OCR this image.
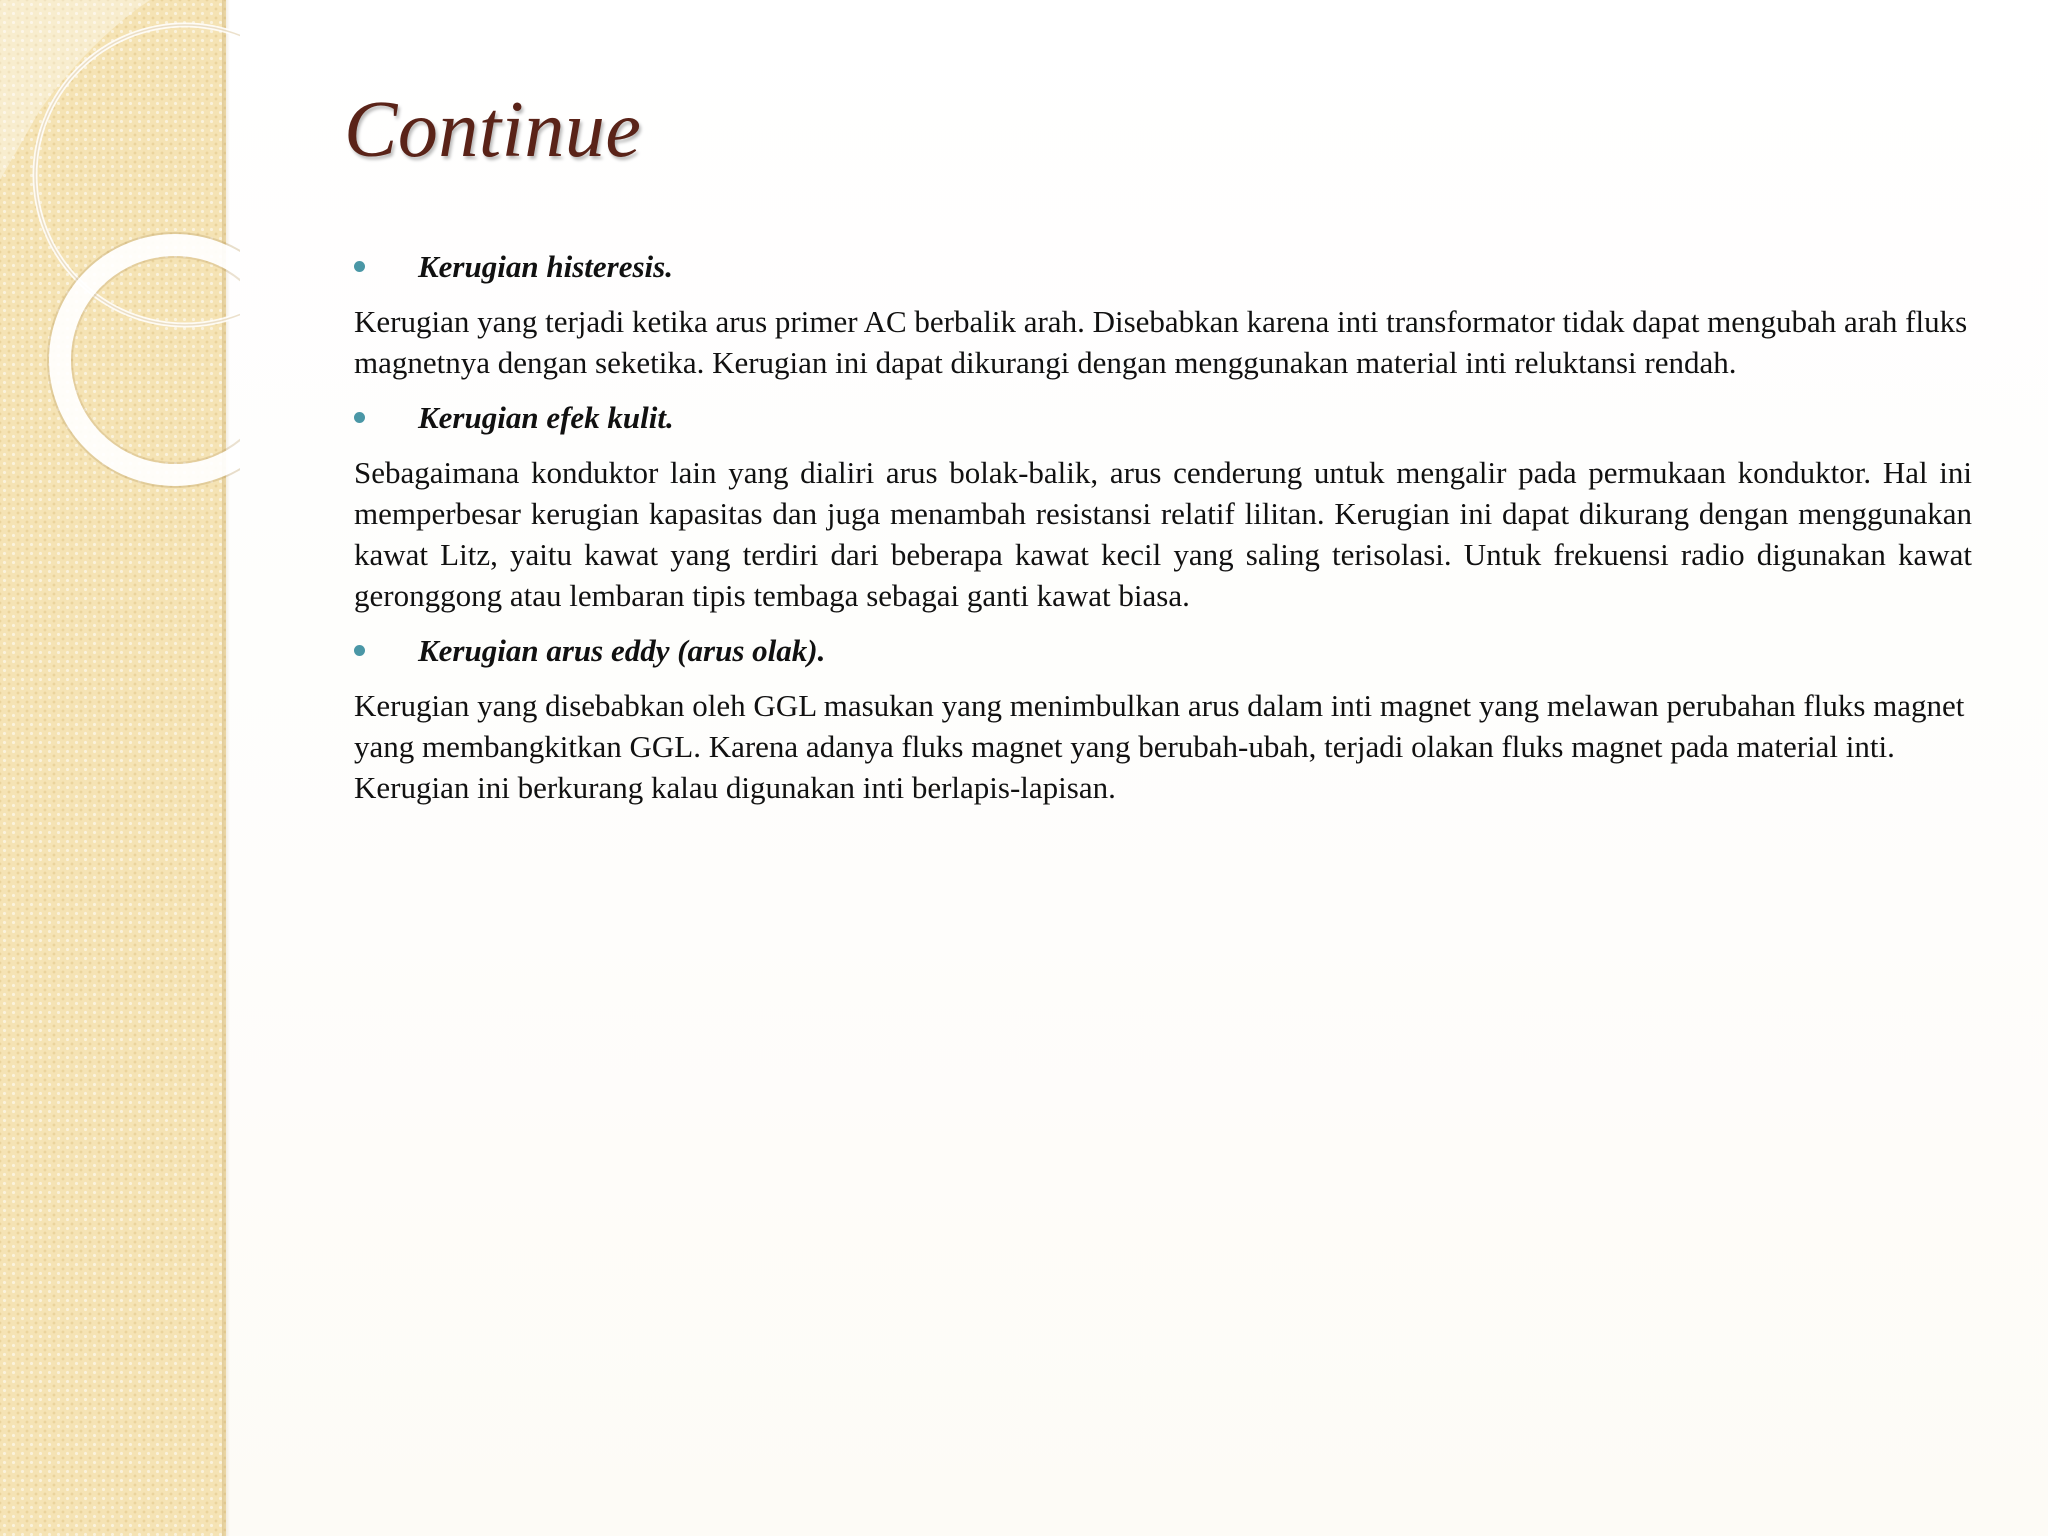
Continue
Kerugian histeresis.

Kerugian yang terjadi ketika arus primer AC berbalik arah. Disebabkan karena inti transformator tidak dapat mengubah arah fluks magnetnya dengan seketika. Kerugian ini dapat dikurangi dengan menggunakan material inti reluktansi rendah.

Kerugian efek kulit.

Sebagaimana konduktor lain yang dialiri arus bolak-balik, arus cenderung untuk mengalir pada permukaan konduktor. Hal ini memperbesar kerugian kapasitas dan juga menambah resistansi relatif lilitan. Kerugian ini dapat dikurang dengan menggunakan kawat Litz, yaitu kawat yang terdiri dari beberapa kawat kecil yang saling terisolasi. Untuk frekuensi radio digunakan kawat geronggong atau lembaran tipis tembaga sebagai ganti kawat biasa.

Kerugian arus eddy (arus olak).

Kerugian yang disebabkan oleh GGL masukan yang menimbulkan arus dalam inti magnet yang melawan perubahan fluks magnet yang membangkitkan GGL. Karena adanya fluks magnet yang berubah-ubah, terjadi olakan fluks magnet pada material inti. Kerugian ini berkurang kalau digunakan inti berlapis-lapisan.
